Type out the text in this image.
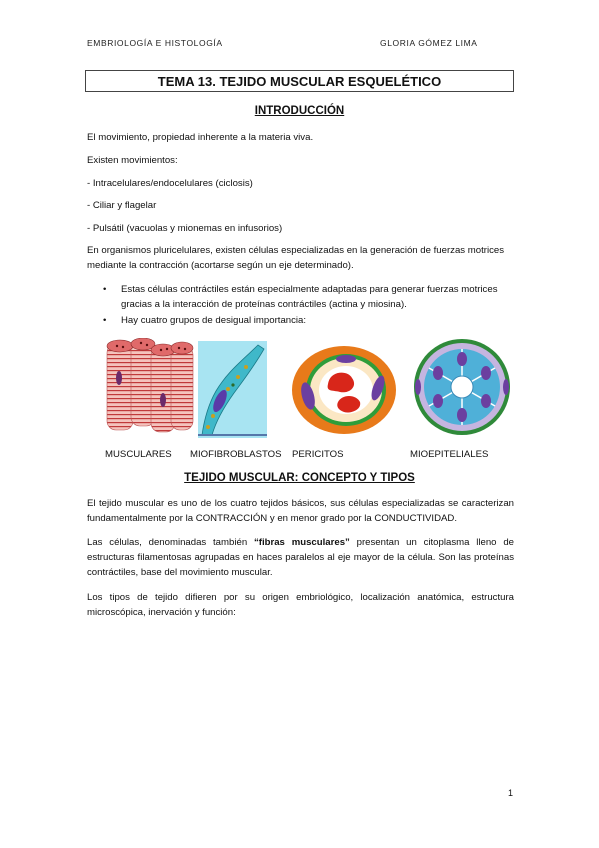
EMBRIOLOGÍA E HISTOLOGÍA	GLORIA GÓMEZ LIMA
TEMA 13. TEJIDO MUSCULAR ESQUELÉTICO
INTRODUCCIÓN

El movimiento, propiedad inherente a la materia viva.

Existen movimientos:

- Intracelulares/endocelulares (ciclosis)

- Ciliar y flagelar

- Pulsátil (vacuolas y mionemas en infusorios)

En organismos pluricelulares, existen células especializadas en la generación de fuerzas motrices mediante la contracción (acortarse según un eje determinado).

• Estas células contráctiles están especialmente adaptadas para generar fuerzas motrices gracias a la interacción de proteínas contráctiles (actina y miosina).
• Hay cuatro grupos de desigual importancia:
MUSCULARES MIOFIBROBLASTOS PERICITOS	MIOEPITELIALES
TEJIDO MUSCULAR: CONCEPTO Y TIPOS

El tejido muscular es uno de los cuatro tejidos básicos, sus células especializadas se caracterizan fundamentalmente por la CONTRACCIÓN y en menor grado por la CONDUCTIVIDAD.

Las células, denominadas también “fibras musculares” presentan un citoplasma lleno de estructuras filamentosas agrupadas en haces paralelos al eje mayor de la célula. Son las proteínas contráctiles, base del movimiento muscular.

Los tipos de tejido difieren por su origen embriológico, localización anatómica, estructura microscópica, inervación y función:

1
